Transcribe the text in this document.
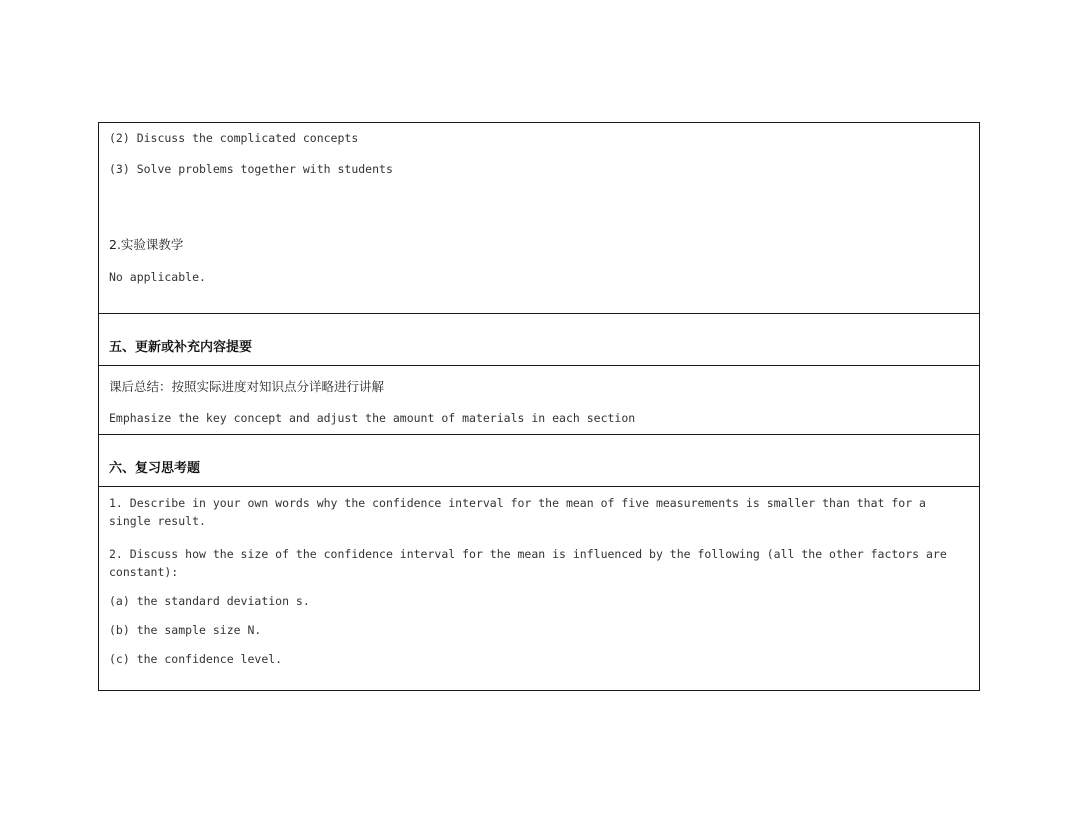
(2) Discuss the complicated concepts
(3) Solve problems together with students
2.实验课教学
No applicable.

五、更新或补充内容提要

课后总结：按照实际进度对知识点分详略进行讲解
Emphasize the key concept and adjust the amount of materials in each section

六、复习思考题

1. Describe in your own words why the confidence interval for the mean of five measurements is smaller than that for a single result.
2. Discuss how the size of the confidence interval for the mean is influenced by the following (all the other factors are constant):
(a) the standard deviation s.
(b) the sample size N.
(c) the confidence level.
